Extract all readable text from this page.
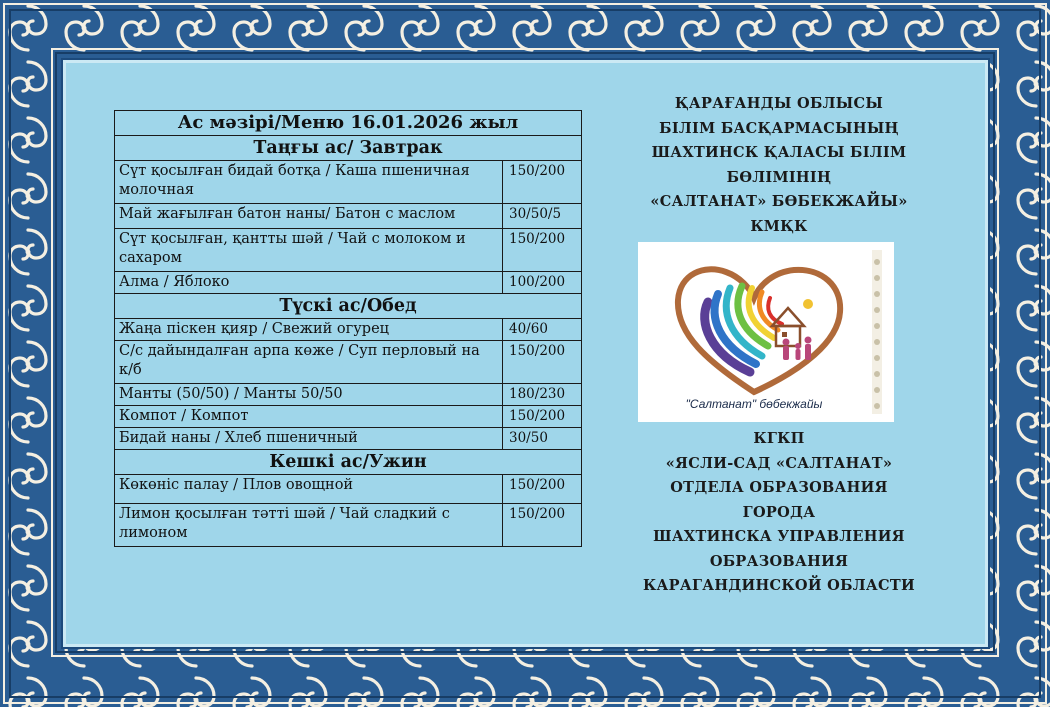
Ас мәзірі/Меню 16.01.2026 жыл	
Таңғы ас/ Завтрак	
Сүт қосылған бидай ботқа / Каша пшеничная молочная	150/200
Май жағылған батон наны/ Батон с маслом	30/50/5
Сүт қосылған, қантты шәй / Чай с молоком и сахаром	150/200
Алма / Яблоко	100/200
Түскі ас/Обед	
Жаңа піскен қияр / Свежий огурец	40/60
С/с дайындалған арпа көже / Суп перловый на к/б	150/200
Манты (50/50) / Манты 50/50	180/230
Компот / Компот	150/200
Бидай наны / Хлеб пшеничный	30/50
Кешкі ас/Ужин	
Көкөніс палау / Плов овощной	150/200
Лимон қосылған тәтті шәй / Чай сладкий с лимоном	150/200
ҚАРАҒАНДЫ ОБЛЫСЫ
БІЛІМ БАСҚАРМАСЫНЫҢ
ШАХТИНСК ҚАЛАСЫ БІЛІМ
БӨЛІМІНІҢ
«САЛТАНАТ» БӨБЕКЖАЙЫ»
КМҚК
"Салтанат" бөбекжайы
КГКП
«ЯСЛИ-САД «САЛТАНАТ»
ОТДЕЛА ОБРАЗОВАНИЯ
ГОРОДА
ШАХТИНСКА УПРАВЛЕНИЯ
ОБРАЗОВАНИЯ
КАРАГАНДИНСКОЙ ОБЛАСТИ
